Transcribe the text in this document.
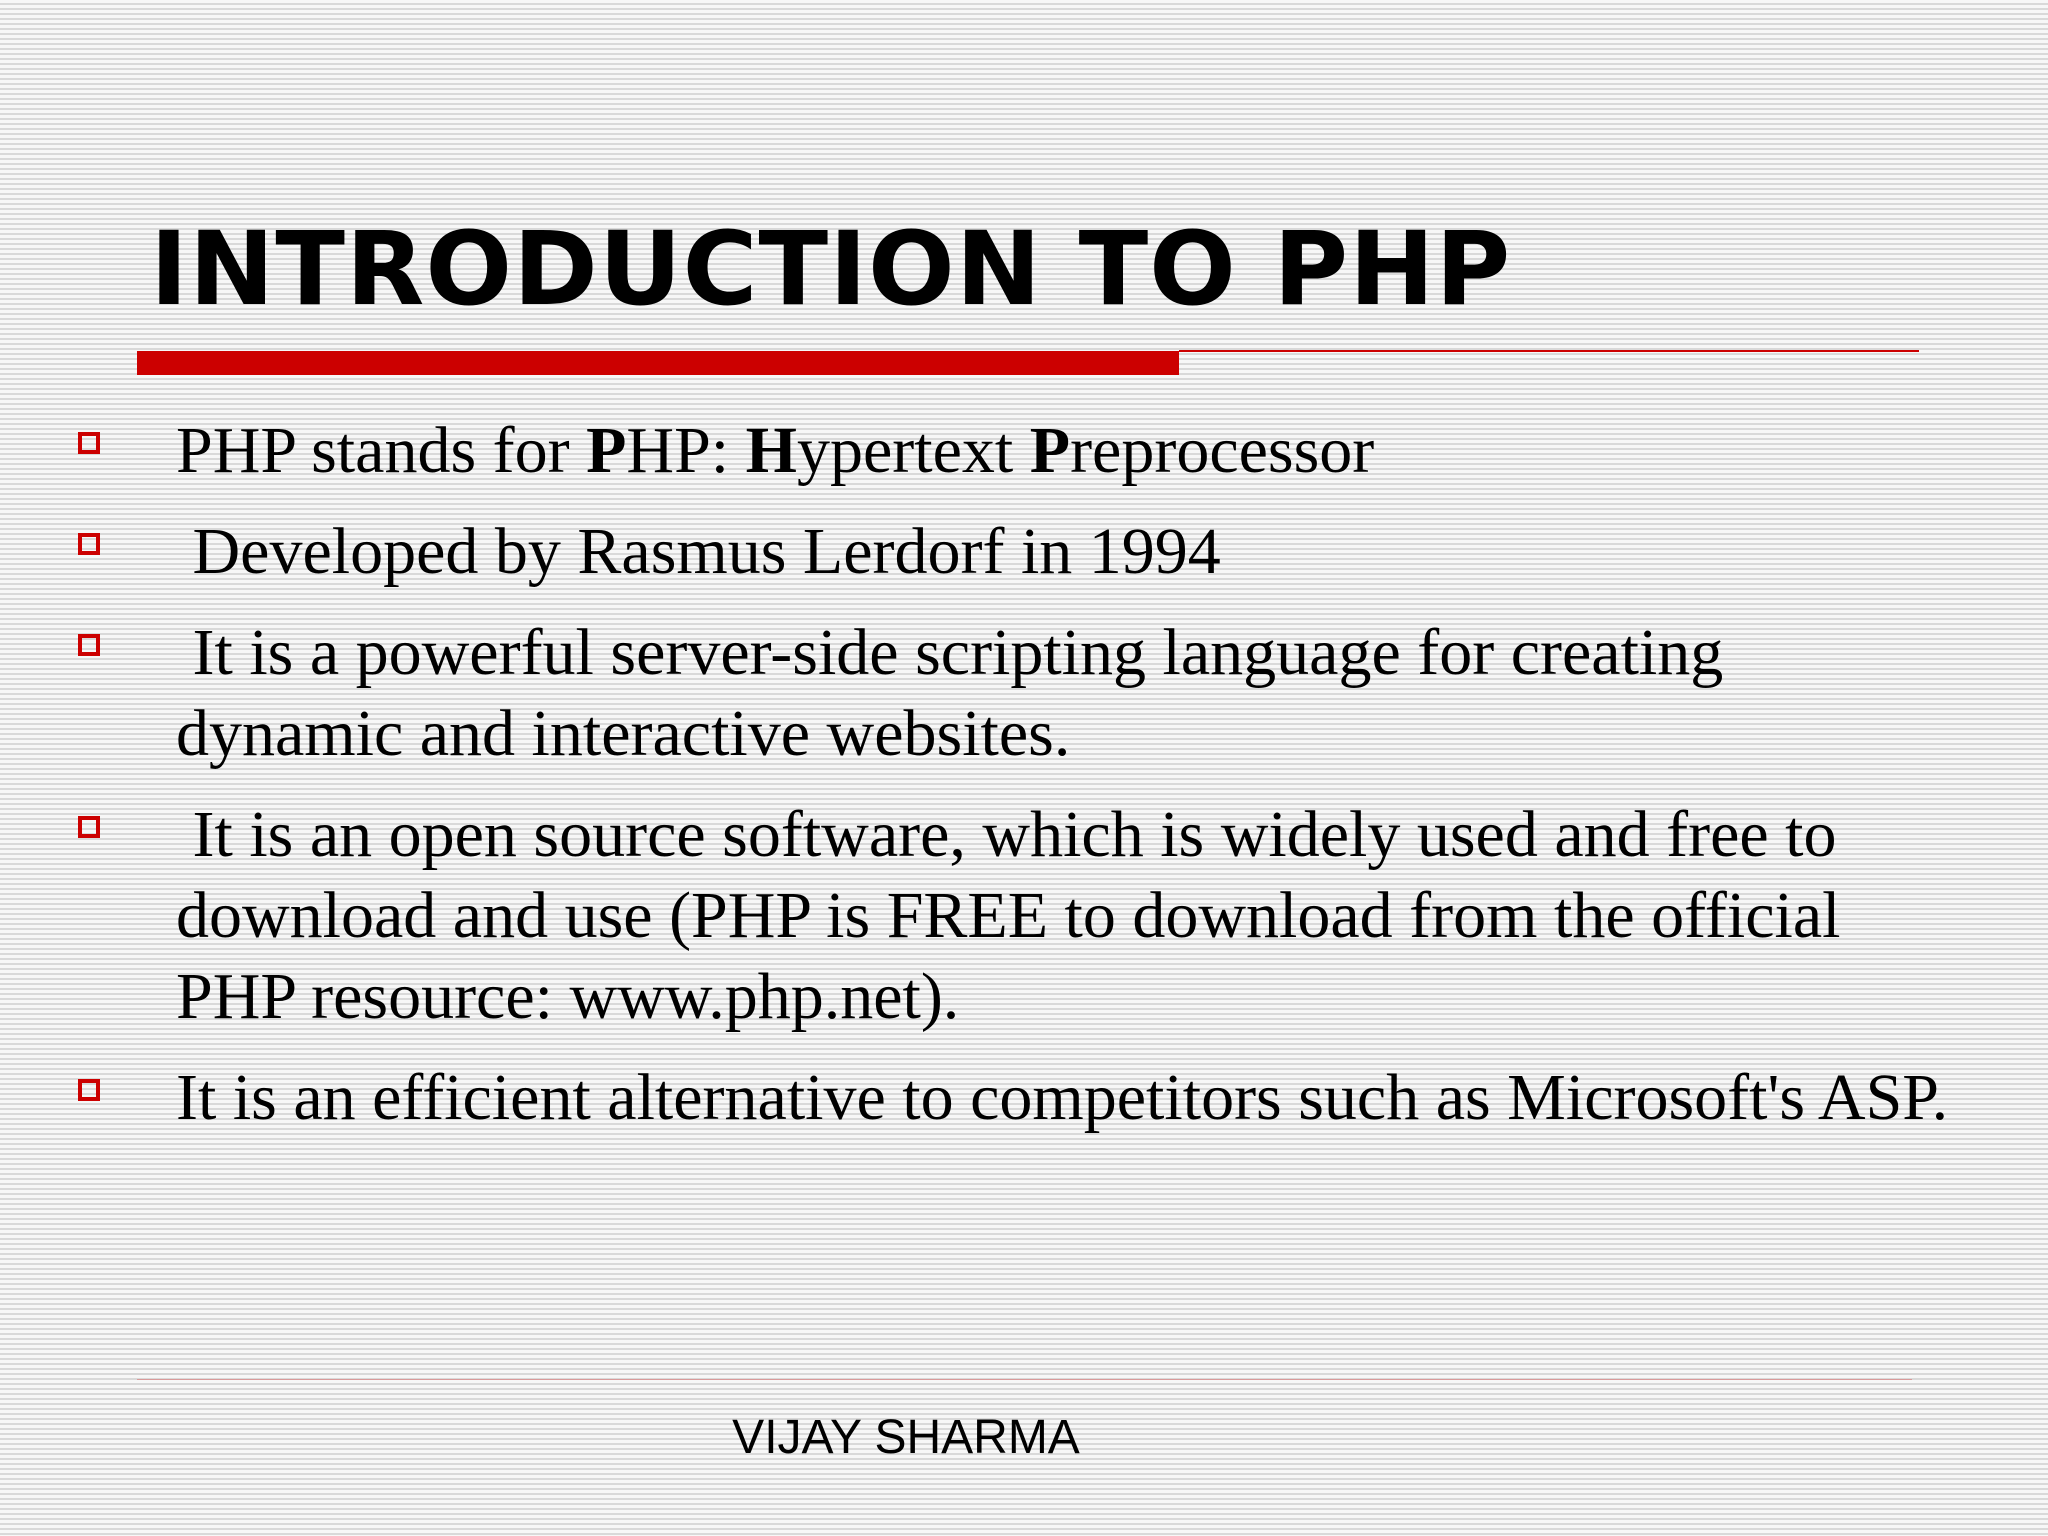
INTRODUCTION TO PHP
PHP stands for PHP: Hypertext Preprocessor
Developed by Rasmus Lerdorf in 1994
It is a powerful server-side scripting language for creating dynamic and interactive websites.
It is an open source software, which is widely used and free to download and use (PHP is FREE to download from the official PHP resource: www.php.net).
It is an efficient alternative to competitors such as Microsoft's ASP.
VIJAY SHARMA
